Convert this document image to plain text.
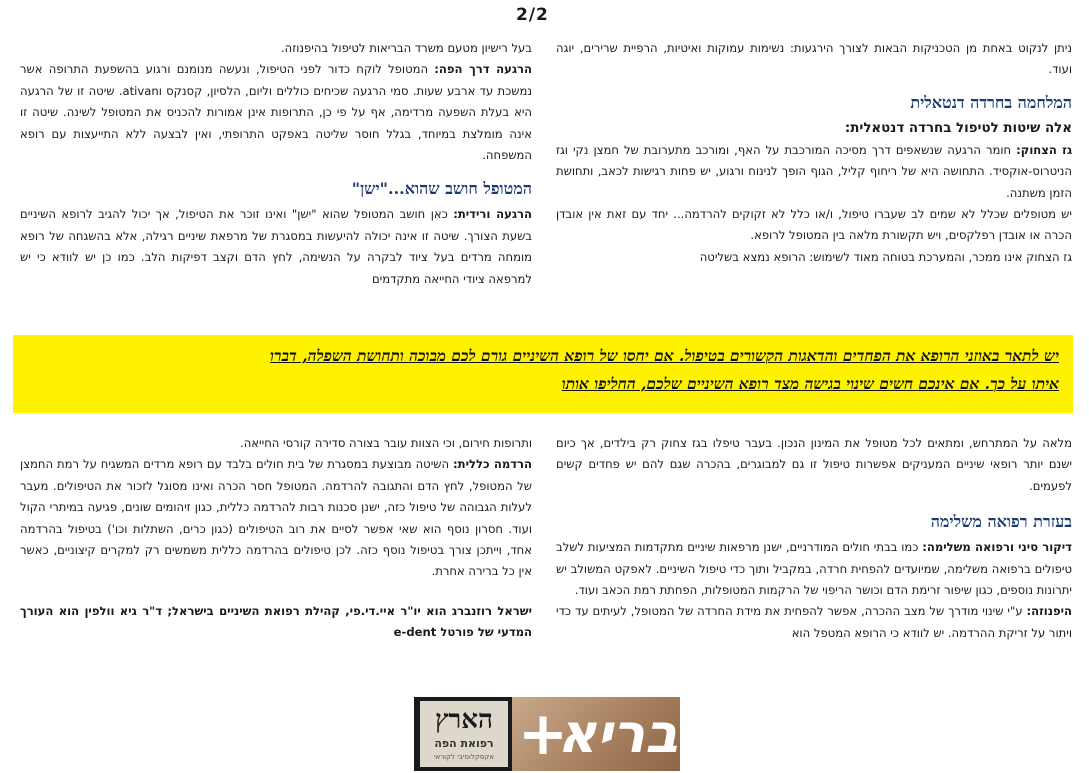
2/2

ניתן לנקוט באחת מן הטכניקות הבאות לצורך הירגעות: נשימות עמוקות ואיטיות, הרפיית שרירים, יוגה ועוד.

המלחמה בחרדה דנטאלית

אלה שיטות לטיפול בחרדה דנטאלית:

גז הצחוק: חומר הרגעה שנשאפים דרך מסיכה המורכבת על האף, ומורכב מתערובת של חמצן נקי וגז הניטרוס-אוקסיד. התחושה היא של ריחוף קליל, הגוף הופך לנינוח ורגוע, יש פחות רגישות לכאב, ותחושת הזמן משתנה.

יש מטופלים שכלל לא שמים לב שעברו טיפול, ו/או כלל לא זקוקים להרדמה... יחד עם זאת אין אובדן הכרה או אובדן רפלקסים, ויש תקשורת מלאה בין המטופל לרופא.

גז הצחוק אינו ממכר, והמערכת בטוחה מאוד לשימוש: הרופא נמצא בשליטה

בעל רישיון מטעם משרד הבריאות לטיפול בהיפנוזה.

הרגעה דרך הפה: המטופל לוקח כדור לפני הטיפול, ונעשה מנומנם ורגוע בהשפעת התרופה אשר נמשכת עד ארבע שעות. סמי הרגעה שכיחים כוללים וליום, הלסיון, קסנקס וativan. שיטה זו של הרגעה היא בעלת השפעה מרדימה, אף על פי כן, התרופות אינן אמורות להכניס את המטופל לשינה. שיטה זו אינה מומלצת במיוחד, בגלל חוסר שליטה באפקט התרופתי, ואין לבצעה ללא התייעצות עם רופא המשפחה.

המטופל חושב שהוא..."ישן"

הרגעה ורידית: כאן חושב המטופל שהוא "ישן" ואינו זוכר את הטיפול, אך יכול להגיב לרופא השיניים בשעת הצורך. שיטה זו אינה יכולה להיעשות במסגרת של מרפאת שיניים רגילה, אלא בהשגחה של רופא מומחה מרדים בעל ציוד לבקרה על הנשימה, לחץ הדם וקצב דפיקות הלב. כמו כן יש לוודא כי יש למרפאה ציודי החייאה מתקדמים

יש לתאר באוזני הרופא את הפחדים והדאגות הקשורים בטיפול. אם יחסו של רופא השיניים גורם לכם מבוכה ותחושת השפלה, דברו
איתו על כך. אם אינכם חשים שינוי בגישה מצד רופא השיניים שלכם, החליפו אותו

מלאה על המתרחש, ומתאים לכל מטופל את המינון הנכון. בעבר טיפלו בגז צחוק רק בילדים, אך כיום ישנם יותר רופאי שיניים המעניקים אפשרות טיפול זו גם למבוגרים, בהכרה שגם להם יש פחדים קשים לפעמים.

בעזרת רפואה משלימה

דיקור סיני ורפואה משלימה: כמו בבתי חולים המודרניים, ישנן מרפאות שיניים מתקדמות המציעות לשלב טיפולים ברפואה משלימה, שמיועדים להפחית חרדה, במקביל ותוך כדי טיפול השיניים. לאפקט המשולב יש יתרונות נוספים, כגון שיפור זרימת הדם וכושר הריפוי של הרקמות המטופלות, הפחתת רמת הכאב ועוד.

היפנוזה: ע"י שינוי מודרך של מצב ההכרה, אפשר להפחית את מידת החרדה של המטופל, לעיתים עד כדי ויתור על זריקת ההרדמה. יש לוודא כי הרופא המטפל הוא

ותרופות חירום, וכי הצוות עובר בצורה סדירה קורסי החייאה.

הרדמה כללית: השיטה מבוצעת במסגרת של בית חולים בלבד עם רופא מרדים המשגיח על רמת החמצן של המטופל, לחץ הדם והתגובה להרדמה. המטופל חסר הכרה ואינו מסוגל לזכור את הטיפולים. מעבר לעלות הגבוהה של טיפול כזה, ישנן סכנות רבות להרדמה כללית, כגון זיהומים שונים, פגיעה במיתרי הקול ועוד. חסרון נוסף הוא שאי אפשר לסיים את רוב הטיפולים (כגון כרים, השתלות וכו') בטיפול בהרדמה אחד, וייתכן צורך בטיפול נוסף כזה. לכן טיפולים בהרדמה כללית משמשים רק למקרים קיצוניים, כאשר אין כל ברירה אחרת.

ישראל רוזנברג הוא יו"ר איי.די.פי, קהילת רפואת השיניים בישראל; ד"ר גיא וולפין הוא העורך המדעי של פורטל e-dent

הארץ
רפואת הפה
אקסקלוסיבי לקוראי בריא
+
